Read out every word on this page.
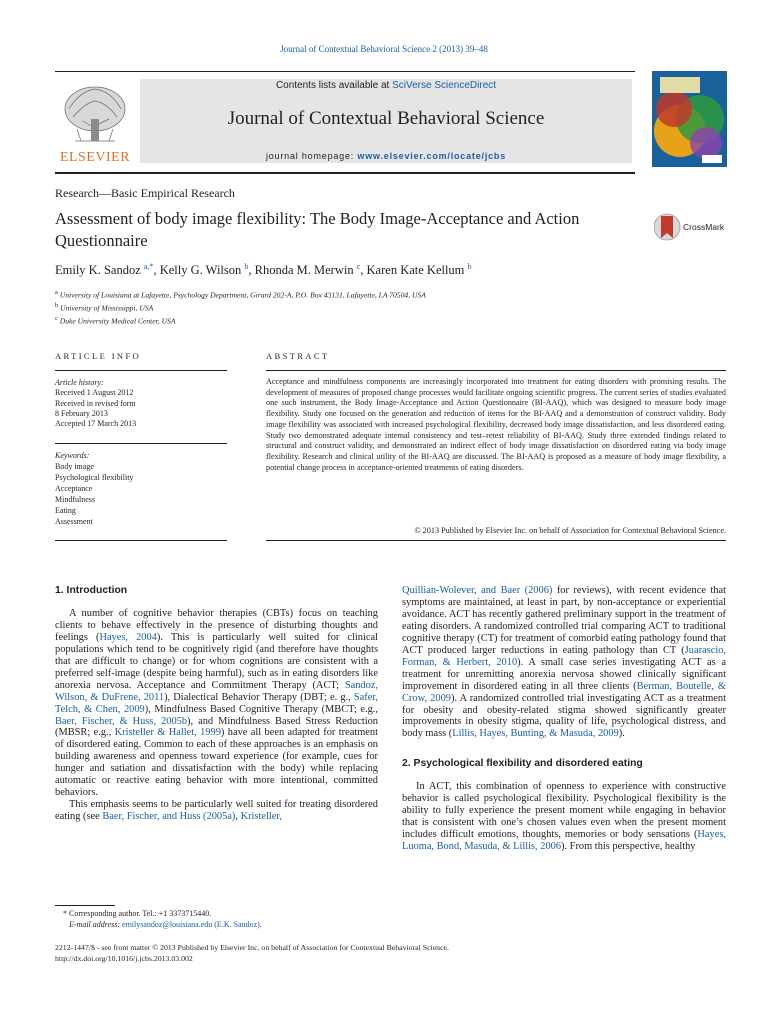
Journal of Contextual Behavioral Science 2 (2013) 39–48
ELSEVIER
Contents lists available at SciVerse ScienceDirect
Journal of Contextual Behavioral Science
journal homepage: www.elsevier.com/locate/jcbs
Research—Basic Empirical Research
Assessment of body image flexibility: The Body Image-Acceptance and Action Questionnaire
CrossMark
Emily K. Sandoz $^{a,*}$, Kelly G. Wilson $^b$, Rhonda M. Merwin $^c$, Karen Kate Kellum $^b$
$^a$ University of Louisiana at Lafayette, Psychology Department, Girard 202-A, P.O. Box 43131, Lafayette, LA 70504, USA
$^b$ University of Mississippi, USA
$^c$ Duke University Medical Center, USA
ARTICLE INFO	ABSTRACT
Article history:
Received 1 August 2012
Received in revised form
8 February 2013
Accepted 17 March 2013
Keywords:
Body image
Psychological flexibility
Acceptance
Mindfulness
Eating
Assessment
Acceptance and mindfulness components are increasingly incorporated into treatment for eating disorders with promising results. The development of measures of proposed change processes would facilitate ongoing scientific progress. The current series of studies evaluated one such instrument, the Body Image-Acceptance and Action Questionnaire (BI-AAQ), which was designed to measure body image flexibility. Study one focused on the generation and reduction of items for the BI-AAQ and a demonstration of construct validity. Body image flexibility was associated with increased psychological flexibility, decreased body image dissatisfaction, and less disordered eating. Study two demonstrated adequate internal consistency and test–retest reliability of BI-AAQ. Study three extended findings related to structural and construct validity, and demonstrated an indirect effect of body image dissatisfaction on disordered eating via body image flexibility. Research and clinical utility of the BI-AAQ are discussed. The BI-AAQ is proposed as a measure of body image flexibility, a potential change process in acceptance-oriented treatments of eating disorders.
© 2013 Published by Elsevier Inc. on behalf of Association for Contextual Behavioral Science.
1. Introduction

A number of cognitive behavior therapies (CBTs) focus on teaching clients to behave effectively in the presence of disturbing thoughts and feelings (Hayes, 2004). This is particularly well suited for clinical populations which tend to be cognitively rigid (and therefore have thoughts that are difficult to change) or for whom cognitions are consistent with a preferred self-image (despite being harmful), such as in eating disorders like anorexia nervosa. Acceptance and Commitment Therapy (ACT; Sandoz, Wilson, & DuFrene, 2011), Dialectical Behavior Therapy (DBT; e. g., Safer, Telch, & Chen, 2009), Mindfulness Based Cognitive Therapy (MBCT; e.g., Baer, Fischer, & Huss, 2005b), and Mindfulness Based Stress Reduction (MBSR; e.g., Kristeller & Hallet, 1999) have all been adapted for treatment of disordered eating. Common to each of these approaches is an emphasis on building awareness and openness toward experience (for example, cues for hunger and satiation and dissatisfaction with the body) while replacing automatic or reactive eating behavior with more intentional, committed behaviors.

This emphasis seems to be particularly well suited for treating disordered eating (see Baer, Fischer, and Huss (2005a), Kristeller,

Quillian-Wolever, and Baer (2006) for reviews), with recent evidence that symptoms are maintained, at least in part, by non-acceptance or experiential avoidance. ACT has recently gathered preliminary support in the treatment of eating disorders. A randomized controlled trial comparing ACT to traditional cognitive therapy (CT) for treatment of comorbid eating pathology found that ACT produced larger reductions in eating pathology than CT (Juarascio, Forman, & Herbert, 2010). A small case series investigating ACT as a treatment for unremitting anorexia nervosa showed clinically significant improvement in disordered eating in all three clients (Berman, Boutelle, & Crow, 2009). A randomized controlled trial investigating ACT as a treatment for obesity and obesity-related stigma showed significantly greater improvements in obesity stigma, quality of life, psychological distress, and body mass (Lillis, Hayes, Bunting, & Masuda, 2009).

2. Psychological flexibility and disordered eating

In ACT, this combination of openness to experience with constructive behavior is called psychological flexibility. Psychological flexibility is the ability to fully experience the present moment while engaging in behavior that is consistent with one’s chosen values even when the present moment includes difficult emotions, thoughts, memories or body sensations (Hayes, Luoma, Bond, Masuda, & Lillis, 2006). From this perspective, healthy

* Corresponding author. Tel.: +1 3373715440.
E-mail address: emilysandoz@louisiana.edu (E.K. Sandoz).
2212-1447/$ - see front matter © 2013 Published by Elsevier Inc. on behalf of Association for Contextual Behavioral Science.
http://dx.doi.org/10.1016/j.jcbs.2013.03.002
